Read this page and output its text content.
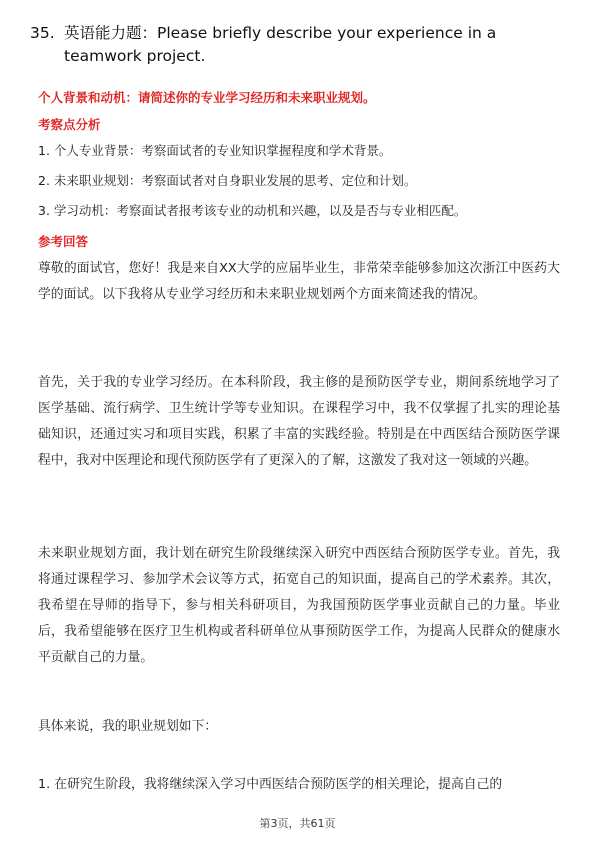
35. 英语能力题：Please briefly describe your experience in a
teamwork project.
个人背景和动机：请简述你的专业学习经历和未来职业规划。
考察点分析
1. 个人专业背景：考察面试者的专业知识掌握程度和学术背景。
2. 未来职业规划：考察面试者对自身职业发展的思考、定位和计划。
3. 学习动机：考察面试者报考该专业的动机和兴趣，以及是否与专业相匹配。
参考回答
尊敬的面试官，您好！我是来自XX大学的应届毕业生，非常荣幸能够参加这次浙江中医药大学的面试。以下我将从专业学习经历和未来职业规划两个方面来简述我的情况。
首先，关于我的专业学习经历。在本科阶段，我主修的是预防医学专业，期间系统地学习了医学基础、流行病学、卫生统计学等专业知识。在课程学习中，我不仅掌握了扎实的理论基础知识，还通过实习和项目实践，积累了丰富的实践经验。特别是在中西医结合预防医学课程中，我对中医理论和现代预防医学有了更深入的了解，这激发了我对这一领域的兴趣。
未来职业规划方面，我计划在研究生阶段继续深入研究中西医结合预防医学专业。首先，我将通过课程学习、参加学术会议等方式，拓宽自己的知识面，提高自己的学术素养。其次，我希望在导师的指导下，参与相关科研项目，为我国预防医学事业贡献自己的力量。毕业后，我希望能够在医疗卫生机构或者科研单位从事预防医学工作，为提高人民群众的健康水平贡献自己的力量。
具体来说，我的职业规划如下：
1. 在研究生阶段，我将继续深入学习中西医结合预防医学的相关理论，提高自己的
第3页，共61页
